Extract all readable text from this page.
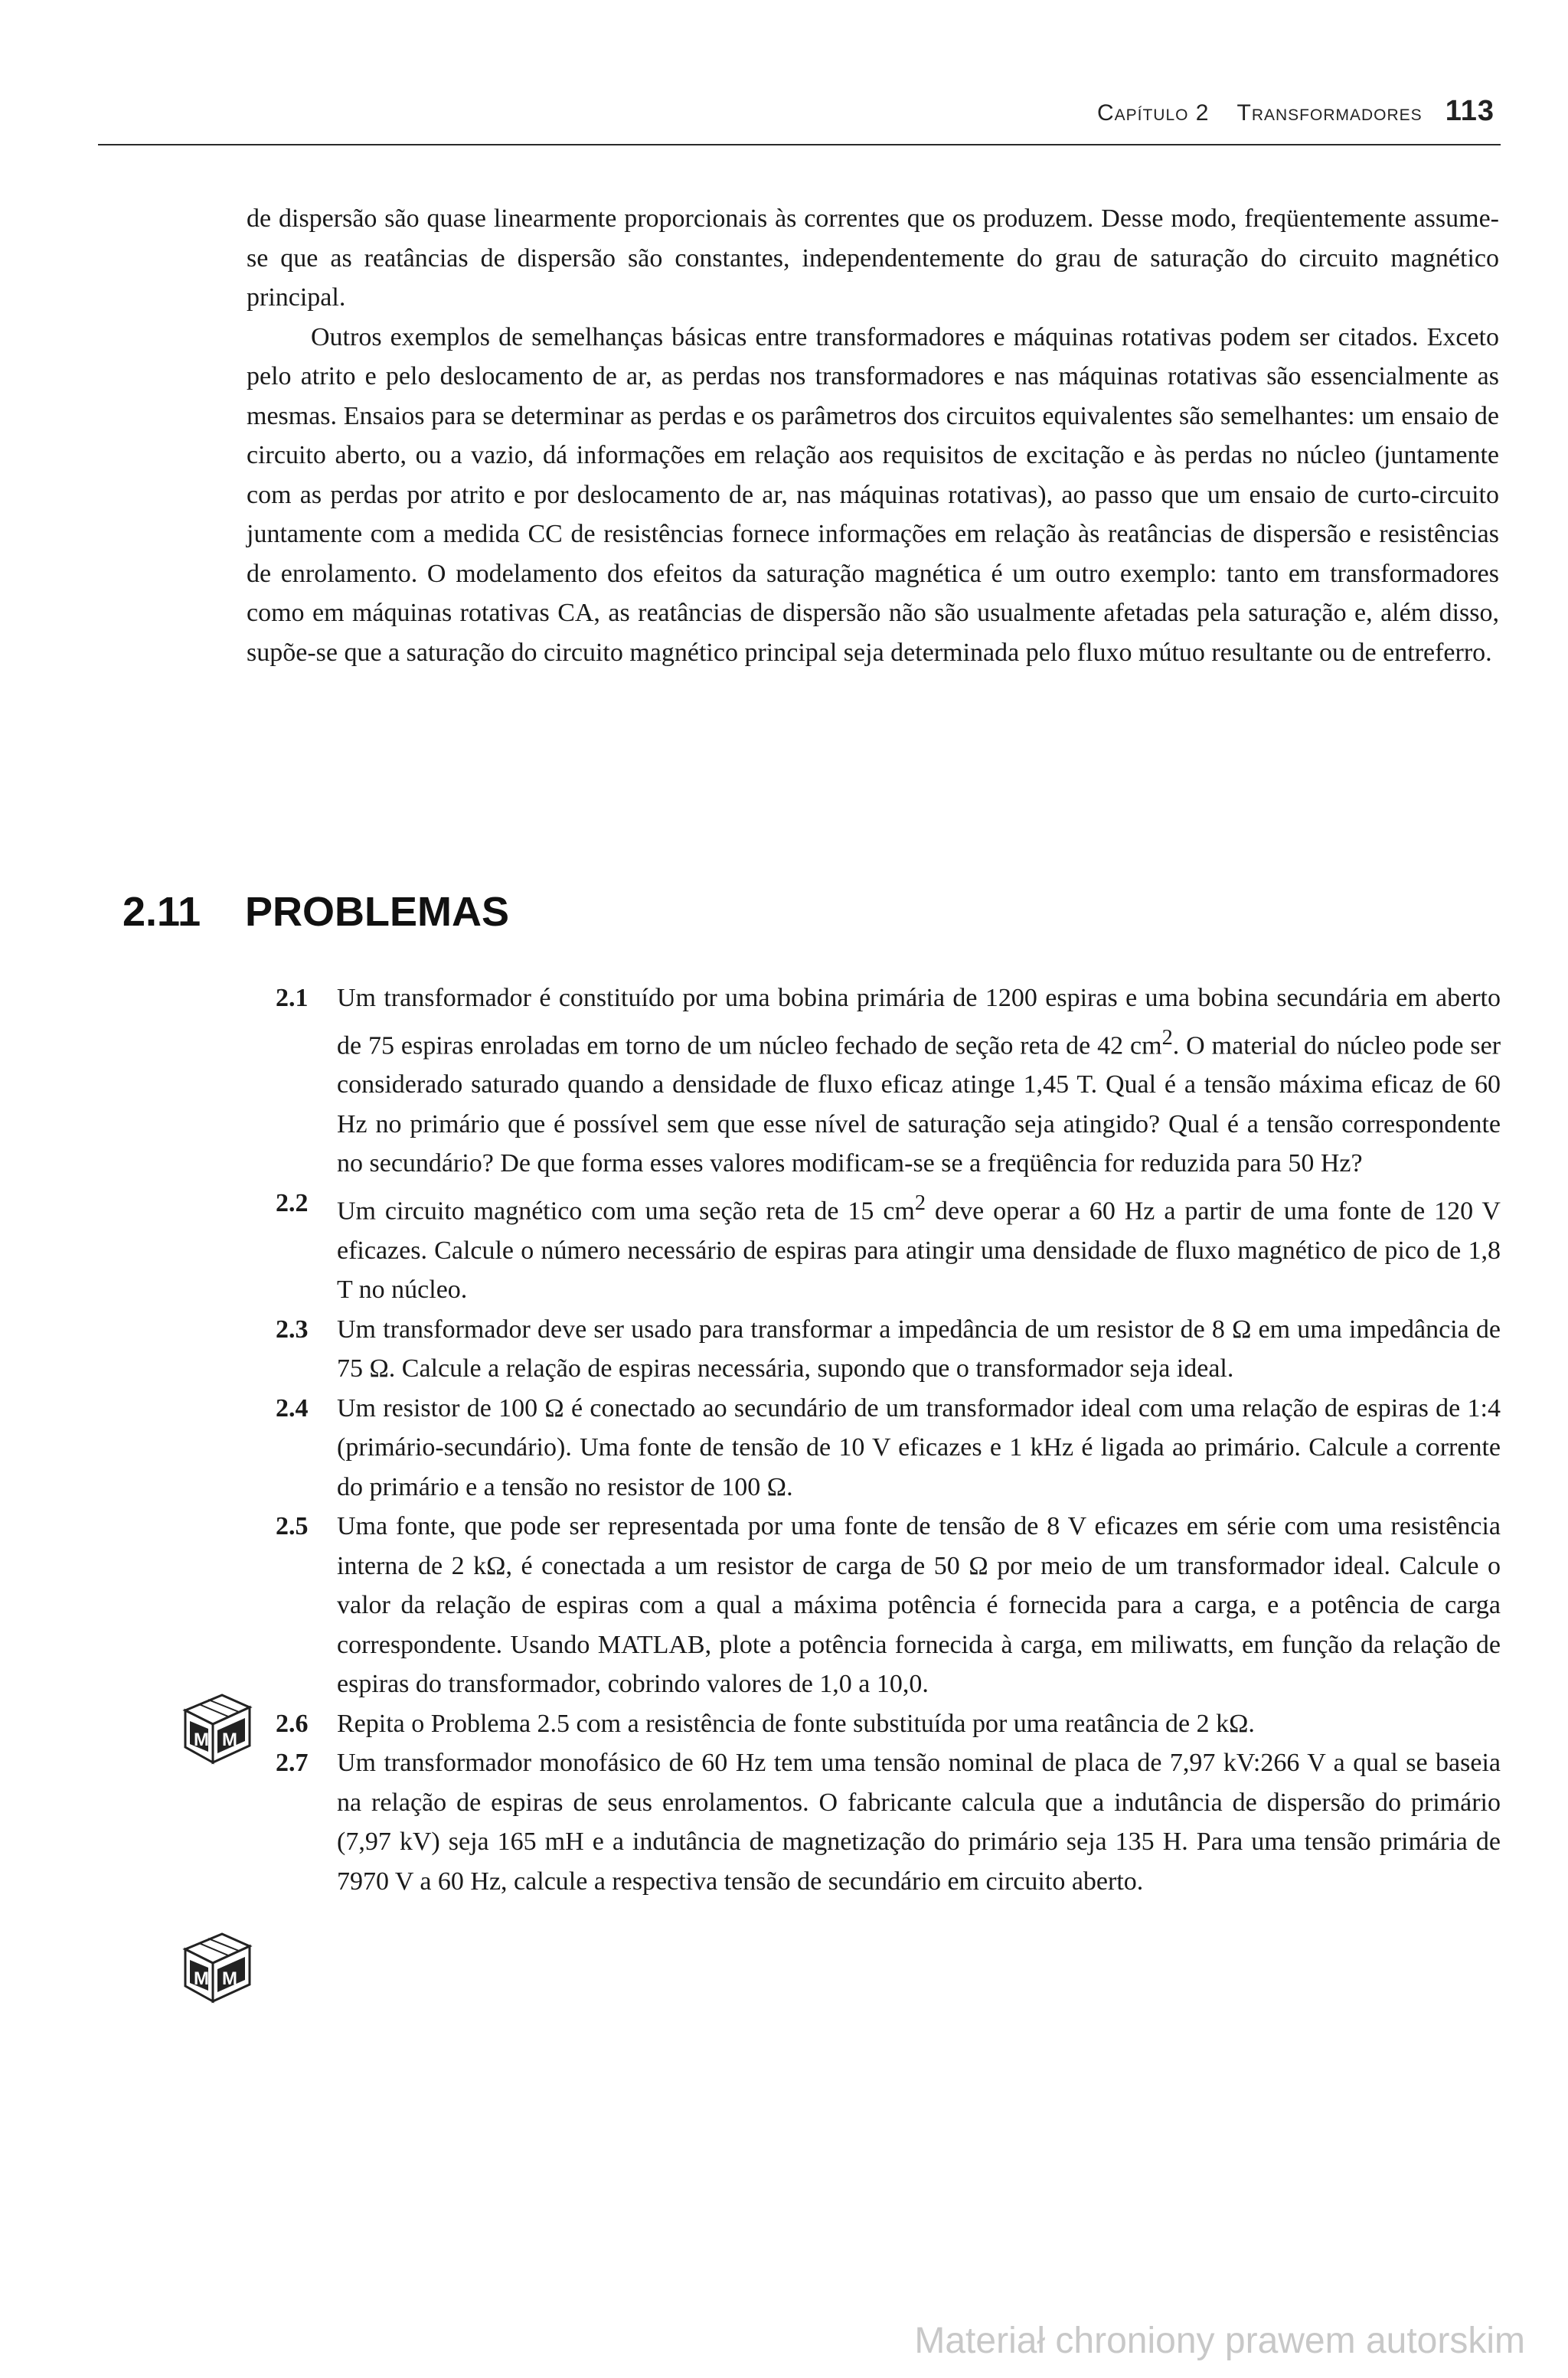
Capítulo 2 Transformadores 113

de dispersão são quase linearmente proporcionais às correntes que os produzem. Desse modo, freqüentemente assume-se que as reatâncias de dispersão são constantes, independentemente do grau de saturação do circuito magnético principal.

Outros exemplos de semelhanças básicas entre transformadores e máquinas rotativas podem ser citados. Exceto pelo atrito e pelo deslocamento de ar, as perdas nos transformadores e nas máquinas rotativas são essencialmente as mesmas. Ensaios para se determinar as perdas e os parâmetros dos circuitos equivalentes são semelhantes: um ensaio de circuito aberto, ou a vazio, dá informações em relação aos requisitos de excitação e às perdas no núcleo (juntamente com as perdas por atrito e por deslocamento de ar, nas máquinas rotativas), ao passo que um ensaio de curto-circuito juntamente com a medida CC de resistências fornece informações em relação às reatâncias de dispersão e resistências de enrolamento. O modelamento dos efeitos da saturação magnética é um outro exemplo: tanto em transformadores como em máquinas rotativas CA, as reatâncias de dispersão não são usualmente afetadas pela saturação e, além disso, supõe-se que a saturação do circuito magnético principal seja determinada pelo fluxo mútuo resultante ou de entreferro.

2.11 PROBLEMAS
M M
M M

2.1 Um transformador é constituído por uma bobina primária de 1200 espiras e uma bobina secundária em aberto de 75 espiras enroladas em torno de um núcleo fechado de seção reta de 42 $cm^2$. O material do núcleo pode ser considerado saturado quando a densidade de fluxo eficaz atinge 1,45 T. Qual é a tensão máxima eficaz de 60 Hz no primário que é possível sem que esse nível de saturação seja atingido? Qual é a tensão correspondente no secundário? De que forma esses valores modificam-se se a freqüência for reduzida para 50 Hz?

2.2 Um circuito magnético com uma seção reta de 15 $cm^2$ deve operar a 60 Hz a partir de uma fonte de 120 V eficazes. Calcule o número necessário de espiras para atingir uma densidade de fluxo magnético de pico de 1,8 T no núcleo.

2.3 Um transformador deve ser usado para transformar a impedância de um resistor de 8 Ω em uma impedância de 75 Ω. Calcule a relação de espiras necessária, supondo que o transformador seja ideal.

2.4 Um resistor de 100 Ω é conectado ao secundário de um transformador ideal com uma relação de espiras de 1:4 (primário-secundário). Uma fonte de tensão de 10 V eficazes e 1 kHz é ligada ao primário. Calcule a corrente do primário e a tensão no resistor de 100 Ω.

2.5 Uma fonte, que pode ser representada por uma fonte de tensão de 8 V eficazes em série com uma resistência interna de 2 kΩ, é conectada a um resistor de carga de 50 Ω por meio de um transformador ideal. Calcule o valor da relação de espiras com a qual a máxima potência é fornecida para a carga, e a potência de carga correspondente. Usando MATLAB, plote a potência fornecida à carga, em miliwatts, em função da relação de espiras do transformador, cobrindo valores de 1,0 a 10,0.

2.6 Repita o Problema 2.5 com a resistência de fonte substituída por uma reatância de 2 kΩ.

2.7 Um transformador monofásico de 60 Hz tem uma tensão nominal de placa de 7,97 kV:266 V a qual se baseia na relação de espiras de seus enrolamentos. O fabricante calcula que a indutância de dispersão do primário (7,97 kV) seja 165 mH e a indutância de magnetização do primário seja 135 H. Para uma tensão primária de 7970 V a 60 Hz, calcule a respectiva tensão de secundário em circuito aberto.

Materiał chroniony prawem autorskim
